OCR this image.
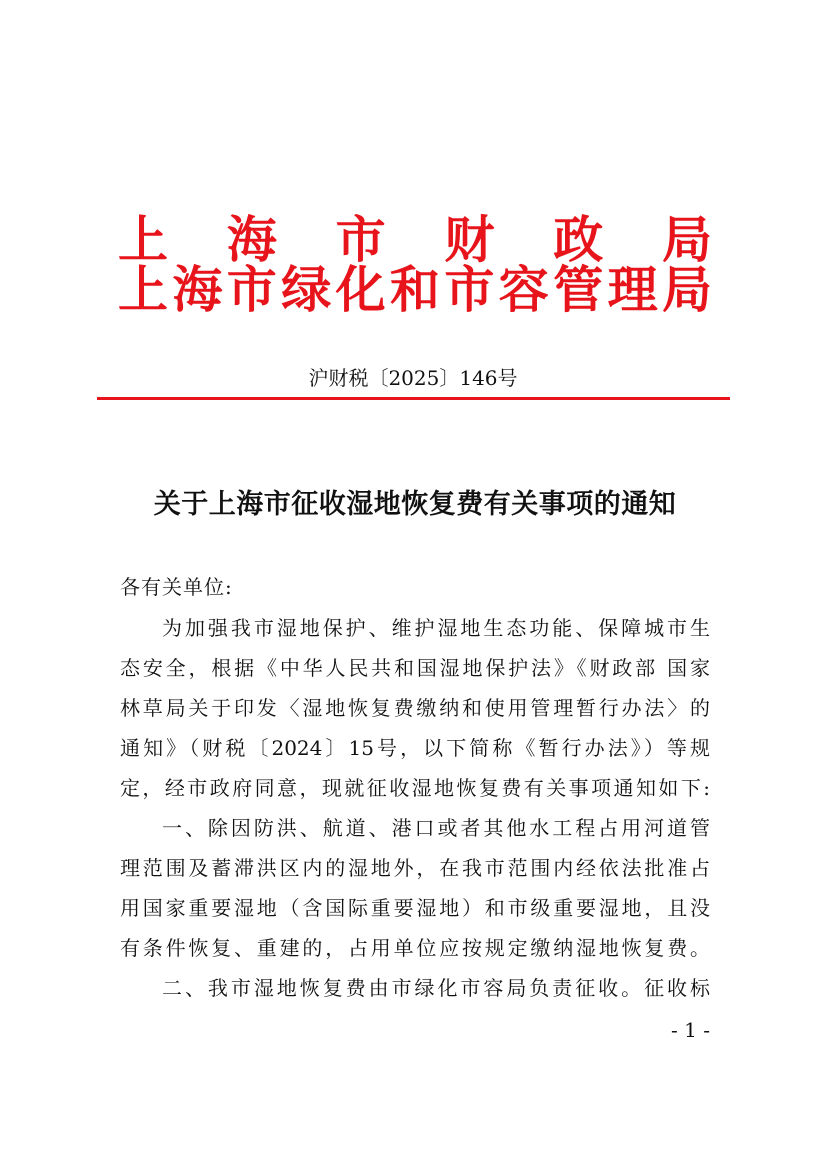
上海市财政局
上海市绿化和市容管理局
沪财税〔2025〕146号
关于上海市征收湿地恢复费有关事项的通知
各有关单位:
为加强我市湿地保护、维护湿地生态功能、保障城市生
态安全，根据《中华人民共和国湿地保护法》《财政部 国家
林草局关于印发〈湿地恢复费缴纳和使用管理暂行办法〉的
通知》（财税〔2024〕15号，以下简称《暂行办法》）等规
定，经市政府同意，现就征收湿地恢复费有关事项通知如下:
一、除因防洪、航道、港口或者其他水工程占用河道管
理范围及蓄滞洪区内的湿地外，在我市范围内经依法批准占
用国家重要湿地（含国际重要湿地）和市级重要湿地，且没
有条件恢复、重建的，占用单位应按规定缴纳湿地恢复费。
二、我市湿地恢复费由市绿化市容局负责征收。征收标
- 1 -
